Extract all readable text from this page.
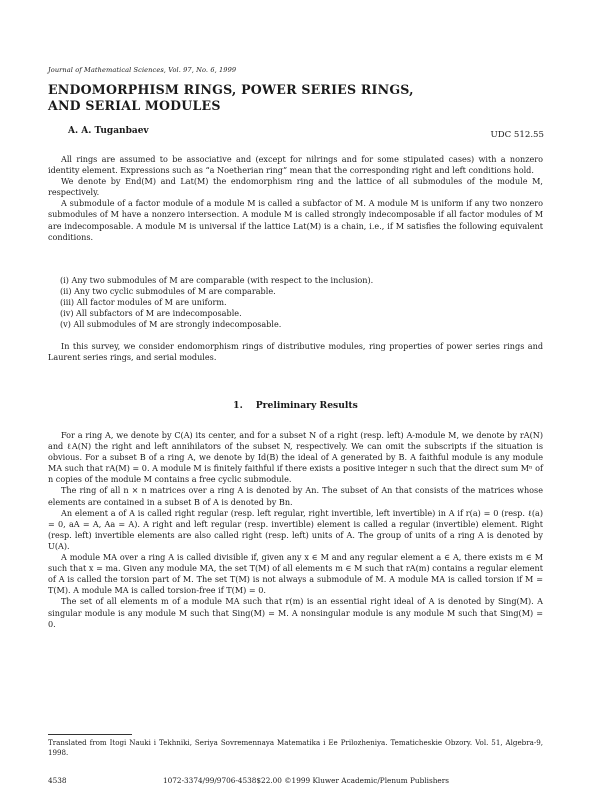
Journal of Mathematical Sciences, Vol. 97, No. 6, 1999
ENDOMORPHISM RINGS, POWER SERIES RINGS,
AND SERIAL MODULES
A. A. Tuganbaev	UDC 512.55

All rings are assumed to be associative and (except for nilrings and for some stipulated cases) with a nonzero identity element. Expressions such as “a Noetherian ring” mean that the corresponding right and left conditions hold.

We denote by End(M) and Lat(M) the endomorphism ring and the lattice of all submodules of the module M, respectively.

A submodule of a factor module of a module M is called a subfactor of M. A module M is uniform if any two nonzero submodules of M have a nonzero intersection. A module M is called strongly indecomposable if all factor modules of M are indecomposable. A module M is universal if the lattice Lat(M) is a chain, i.e., if M satisfies the following equivalent conditions.

(i) Any two submodules of M are comparable (with respect to the inclusion).
(ii) Any two cyclic submodules of M are comparable.
(iii) All factor modules of M are uniform.
(iv) All subfactors of M are indecomposable.
(v) All submodules of M are strongly indecomposable.

In this survey, we consider endomorphism rings of distributive modules, ring properties of power series rings and Laurent series rings, and serial modules.

1. Preliminary Results

For a ring A, we denote by C(A) its center, and for a subset N of a right (resp. left) A-module M, we denote by rA(N) and ℓA(N) the right and left annihilators of the subset N, respectively. We can omit the subscripts if the situation is obvious. For a subset B of a ring A, we denote by Id(B) the ideal of A generated by B. A faithful module is any module MA such that rA(M) = 0. A module M is finitely faithful if there exists a positive integer n such that the direct sum Mⁿ of n copies of the module M contains a free cyclic submodule.

The ring of all n × n matrices over a ring A is denoted by An. The subset of An that consists of the matrices whose elements are contained in a subset B of A is denoted by Bn.

An element a of A is called right regular (resp. left regular, right invertible, left invertible) in A if r(a) = 0 (resp. ℓ(a) = 0, aA = A, Aa = A). A right and left regular (resp. invertible) element is called a regular (invertible) element. Right (resp. left) invertible elements are also called right (resp. left) units of A. The group of units of a ring A is denoted by U(A).

A module MA over a ring A is called divisible if, given any x ∈ M and any regular element a ∈ A, there exists m ∈ M such that x = ma. Given any module MA, the set T(M) of all elements m ∈ M such that rA(m) contains a regular element of A is called the torsion part of M. The set T(M) is not always a submodule of M. A module MA is called torsion if M = T(M). A module MA is called torsion-free if T(M) = 0.

The set of all elements m of a module MA such that r(m) is an essential right ideal of A is denoted by Sing(M). A singular module is any module M such that Sing(M) = M. A nonsingular module is any module M such that Sing(M) = 0.

Translated from Itogi Nauki i Tekhniki, Seriya Sovremennaya Matematika i Ee Prilozheniya. Tematicheskie Obzory. Vol. 51, Algebra-9, 1998.
4538	1072-3374/99/9706-4538$22.00 ©1999 Kluwer Academic/Plenum Publishers
